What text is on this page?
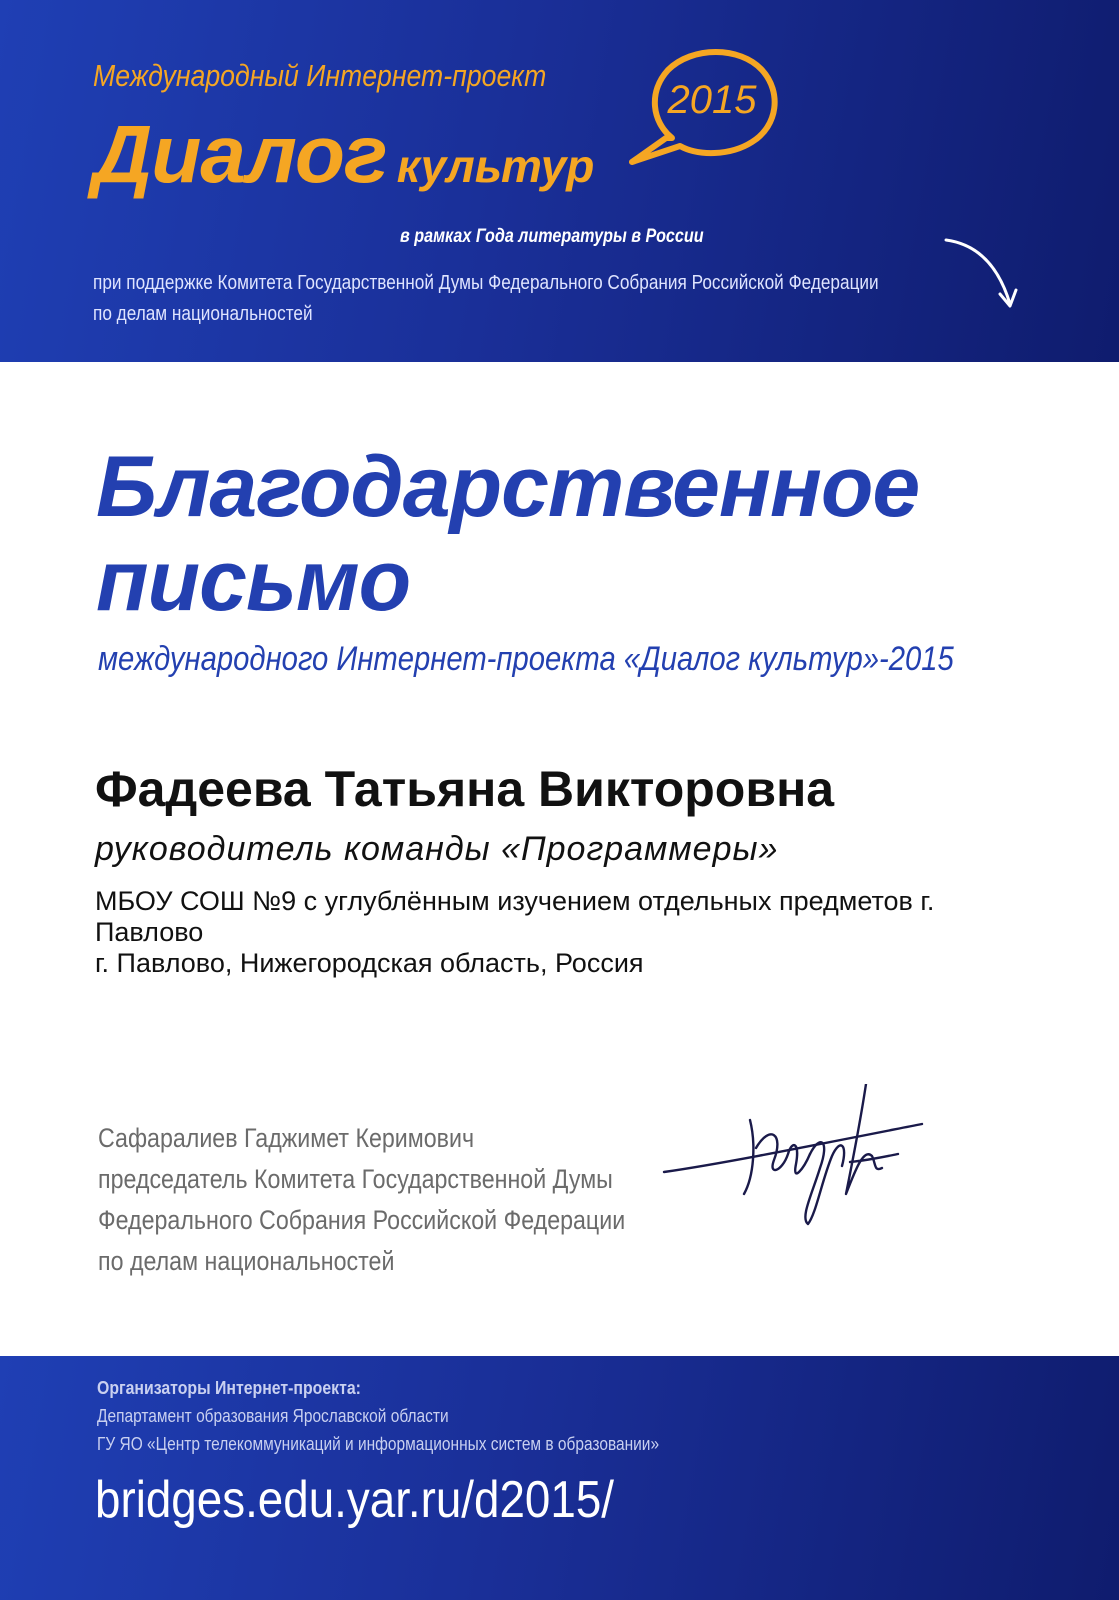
Международный Интернет-проект

Диалог культур

2015

в рамках Года литературы в России

при поддержке Комитета Государственной Думы Федерального Собрания Российской Федерации
по делам национальностей
Благодарственное
письмо

международного Интернет-проекта «Диалог культур»-2015

Фадеева Татьяна Викторовна

руководитель команды «Программеры»

МБОУ СОШ №9 с углублённым изучением отдельных предметов г. Павлово
г. Павлово, Нижегородская область, Россия
Сафаралиев Гаджимет Керимович
председатель Комитета Государственной Думы
Федерального Собрания Российской Федерации
по делам национальностей

Организаторы Интернет-проекта:

Департамент образования Ярославской области

ГУ ЯО «Центр телекоммуникаций и информационных систем в образовании»

bridges.edu.yar.ru/d2015/
